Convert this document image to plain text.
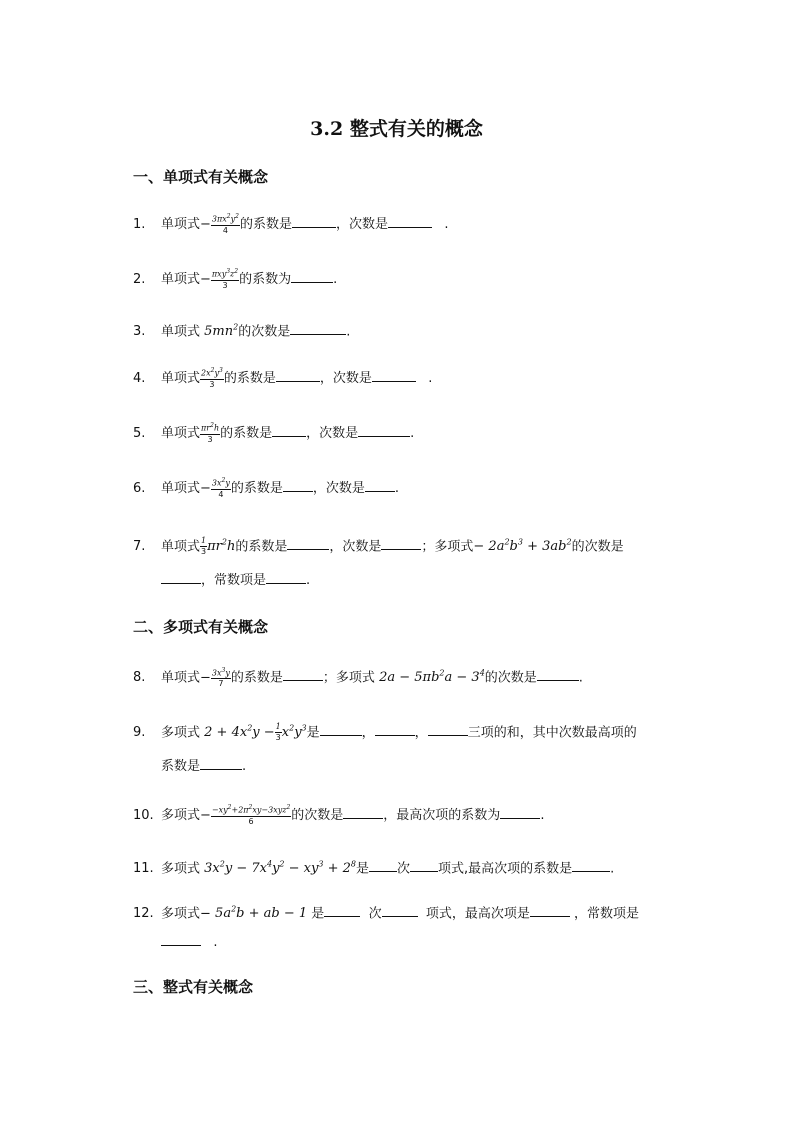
3.2 整式有关的概念
一、单项式有关概念
1. 单项式− $\frac{3\pi x^2y^2}{4}$ 的系数是	，次数是	.
2. 单项式− $\frac{\pi xy^3z^2}{3}$ 的系数为	.
3. 单项式 $5mn^2$的次数是	.
4. 单项式 $\frac{2x^2y^3}{3}$ 的系数是	，次数是	.
5. 单项式 $\frac{\pi r^2h}{3}$ 的系数是	，次数是	.
6. 单项式− $\frac{3x^2y}{4}$ 的系数是 ，次数是 .
7. 单项式 $\frac{1}{3} \pi r^2h$的系数是	，次数是	；多项式− $2a^2b^3 + 3ab^2$的次数是
，常数项是	.
二、多项式有关概念
8. 单项式− $\frac{3x^3y}{7}$ 的系数是	；多项式 $2a - 5\pi b^2a - 3^4$的次数是	.
9. 多项式 $2 + 4x^2y - \frac{1}{3} x^2y^3$是	，	，	三项的和，其中次数最高项的
系数是	.
10. 多项式− $\frac{-xy^2+2\pi^2xy-3xyz^2}{6}$ 的次数是	，最高次项的系数为	.
11. 多项式 $3x^2y - 7x^4y^2 - xy^3 + 2^8$是 次 项式,最高次项的系数是	.
12. 多项式− $5a^2b$ + ab − 1 是	次	项式，最高次项是	，常数项是
.
三、整式有关概念
